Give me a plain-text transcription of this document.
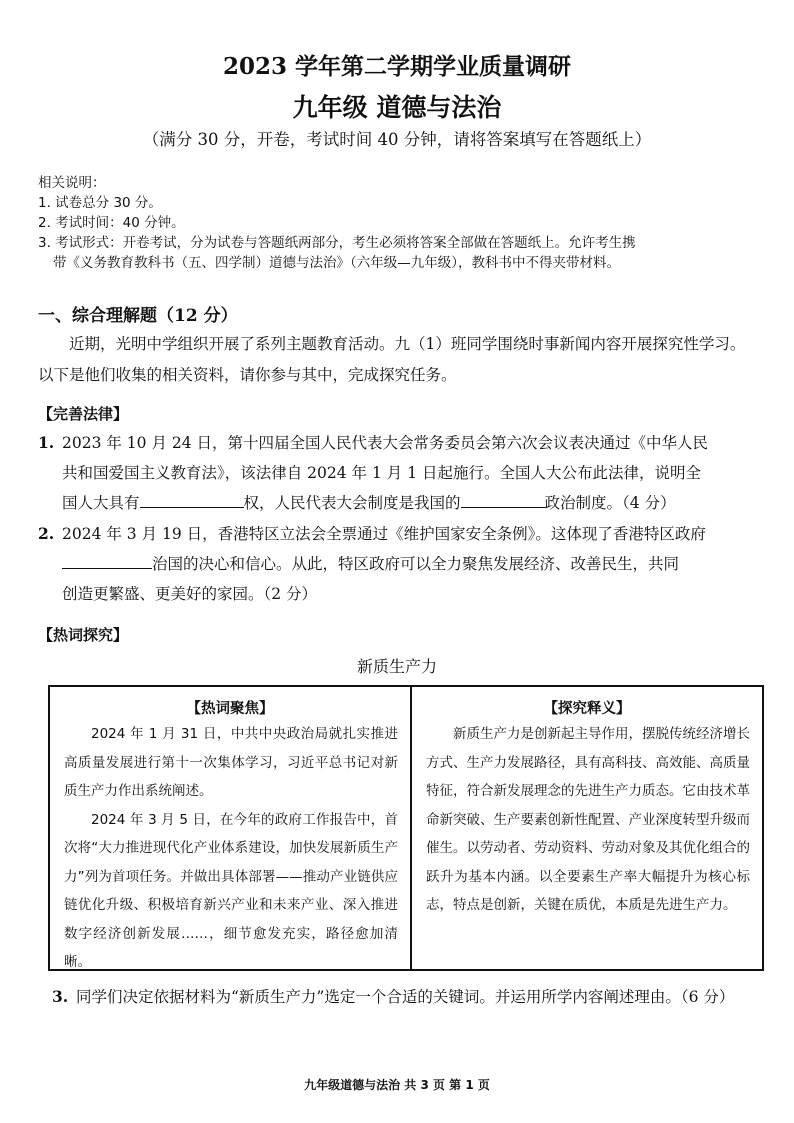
2023 学年第二学期学业质量调研
九年级 道德与法治
（满分 30 分，开卷，考试时间 40 分钟，请将答案填写在答题纸上）
相关说明：
1. 试卷总分 30 分。
2. 考试时间：40 分钟。
3. 考试形式：开卷考试，分为试卷与答题纸两部分，考生必须将答案全部做在答题纸上。允许考生携
带《义务教育教科书（五、四学制）道德与法治》（六年级—九年级），教科书中不得夹带材料。
一、综合理解题（12 分）
近期，光明中学组织开展了系列主题教育活动。九（1）班同学围绕时事新闻内容开展探究性学习。以下是他们收集的相关资料，请你参与其中，完成探究任务。
【完善法律】
1. 2023 年 10 月 24 日，第十四届全国人民代表大会常务委员会第六次会议表决通过《中华人民
共和国爱国主义教育法》，该法律自 2024 年 1 月 1 日起施行。全国人大公布此法律，说明全
国人大具有	权，人民代表大会制度是我国的	政治制度。（4 分）
2. 2024 年 3 月 19 日，香港特区立法会全票通过《维护国家安全条例》。这体现了香港特区政府
治国的决心和信心。从此，特区政府可以全力聚焦发展经济、改善民生，共同
创造更繁盛、更美好的家园。（2 分）
【热词探究】
新质生产力
【热词聚焦】

2024 年 1 月 31 日，中共中央政治局就扎实推进高质量发展进行第十一次集体学习，习近平总书记对新质生产力作出系统阐述。

2024 年 3 月 5 日，在今年的政府工作报告中，首次将“大力推进现代化产业体系建设，加快发展新质生产力”列为首项任务。并做出具体部署——推动产业链供应链优化升级、积极培育新兴产业和未来产业、深入推进数字经济创新发展……，细节愈发充实，路径愈加清晰。

【探究释义】

新质生产力是创新起主导作用，摆脱传统经济增长方式、生产力发展路径，具有高科技、高效能、高质量特征，符合新发展理念的先进生产力质态。它由技术革命新突破、生产要素创新性配置、产业深度转型升级而催生。以劳动者、劳动资料、劳动对象及其优化组合的跃升为基本内涵。以全要素生产率大幅提升为核心标志，特点是创新，关键在质优，本质是先进生产力。

3. 同学们决定依据材料为“新质生产力”选定一个合适的关键词。并运用所学内容阐述理由。（6 分）
九年级道德与法治 共 3 页 第 1 页
